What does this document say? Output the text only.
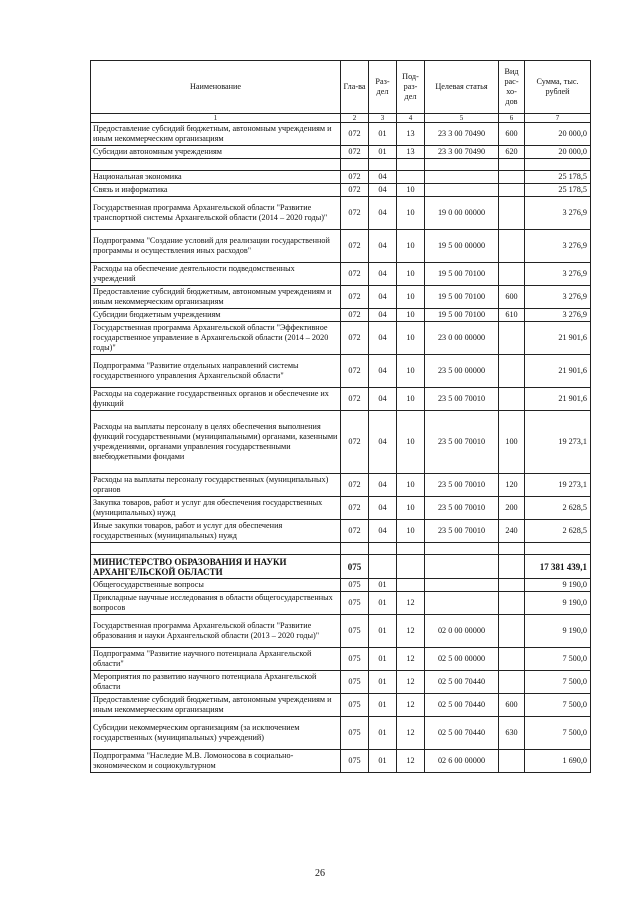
Наименование	Гла-ва	Раз-дел	Под-раз-дел	Целевая статья	Вид рас-хо-дов	Сумма, тыс. рублей
1	2	3	4	5	6	7
Предоставление субсидий бюджетным, автономным учреждениям и иным некоммерческим организациям	072	01	13	23 3 00 70490	600	20 000,0
Субсидии автономным учреждениям	072	01	13	23 3 00 70490	620	20 000,0

Национальная экономика	072	04				25 178,5
Связь и информатика	072	04	10			25 178,5
Государственная программа Архангельской области "Развитие транспортной системы Архангельской области (2014 – 2020 годы)"	072	04	10	19 0 00 00000		3 276,9
Подпрограмма "Создание условий для реализации государственной программы и осуществления иных расходов"	072	04	10	19 5 00 00000		3 276,9
Расходы на обеспечение деятельности подведомственных учреждений	072	04	10	19 5 00 70100		3 276,9
Предоставление субсидий бюджетным, автономным учреждениям и иным некоммерческим организациям	072	04	10	19 5 00 70100	600	3 276,9
Субсидии бюджетным учреждениям	072	04	10	19 5 00 70100	610	3 276,9
Государственная программа Архангельской области "Эффективное государственное управление в Архангельской области (2014 – 2020 годы)"	072	04	10	23 0 00 00000		21 901,6
Подпрограмма "Развитие отдельных направлений системы государственного управления Архангельской области"	072	04	10	23 5 00 00000		21 901,6
Расходы на содержание государственных органов и обеспечение их функций	072	04	10	23 5 00 70010		21 901,6
Расходы на выплаты персоналу в целях обеспечения выполнения функций государственными (муниципальными) органами, казенными учреждениями, органами управления государственными внебюджетными фондами	072	04	10	23 5 00 70010	100	19 273,1
Расходы на выплаты персоналу государственных (муниципальных) органов	072	04	10	23 5 00 70010	120	19 273,1
Закупка товаров, работ и услуг для обеспечения государственных (муниципальных) нужд	072	04	10	23 5 00 70010	200	2 628,5
Иные закупки товаров, работ и услуг для обеспечения государственных (муниципальных) нужд	072	04	10	23 5 00 70010	240	2 628,5

МИНИСТЕРСТВО ОБРАЗОВАНИЯ И НАУКИ АРХАНГЕЛЬСКОЙ ОБЛАСТИ	075					17 381 439,1
Общегосударственные вопросы	075	01				9 190,0
Прикладные научные исследования в области общегосударственных вопросов	075	01	12			9 190,0
Государственная программа Архангельской области "Развитие образования и науки Архангельской области (2013 – 2020 годы)"	075	01	12	02 0 00 00000		9 190,0
Подпрограмма "Развитие научного потенциала Архангельской области"	075	01	12	02 5 00 00000		7 500,0
Мероприятия по развитию научного потенциала Архангельской области	075	01	12	02 5 00 70440		7 500,0
Предоставление субсидий бюджетным, автономным учреждениям и иным некоммерческим организациям	075	01	12	02 5 00 70440	600	7 500,0
Субсидии некоммерческим организациям (за исключением государственных (муниципальных) учреждений)	075	01	12	02 5 00 70440	630	7 500,0
Подпрограмма "Наследие М.В. Ломоносова в социально-экономическом и социокультурном	075	01	12	02 6 00 00000		1 690,0
26
